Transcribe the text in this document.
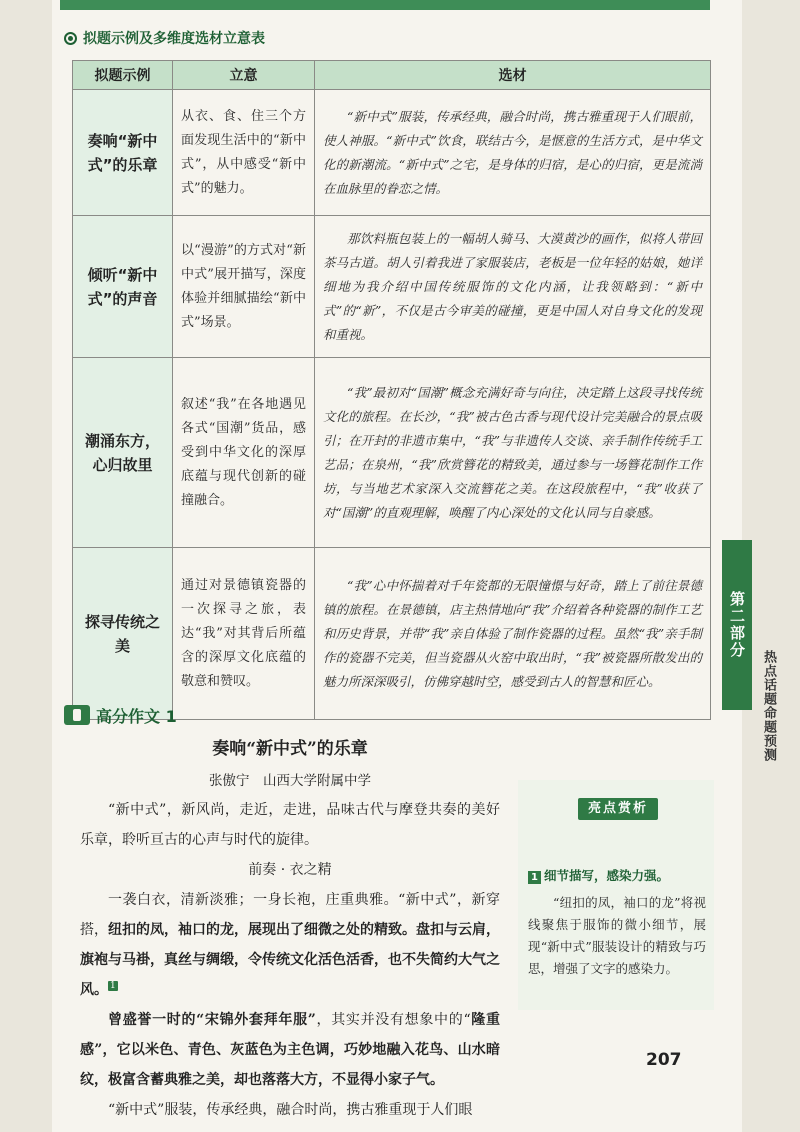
拟题示例及多维度选材立意表
拟题示例	立意	选材
奏响“新中式”的乐章	从衣、食、住三个方面发现生活中的“新中式”，从中感受“新中式”的魅力。	“新中式”服装，传承经典，融合时尚，携古雅重现于人们眼前，使人神服。“新中式”饮食，联结古今，是惬意的生活方式，是中华文化的新潮流。“新中式”之宅，是身体的归宿，是心的归宿，更是流淌在血脉里的眷恋之情。
倾听“新中式”的声音	以“漫游”的方式对“新中式”展开描写，深度体验并细腻描绘“新中式”场景。	那饮料瓶包装上的一幅胡人骑马、大漠黄沙的画作，似将人带回茶马古道。胡人引着我进了家服装店，老板是一位年轻的姑娘，她详细地为我介绍中国传统服饰的文化内涵，让我领略到：“新中式”的“新”，不仅是古今审美的碰撞，更是中国人对自身文化的发现和重视。
潮涌东方，心归故里	叙述“我”在各地遇见各式“国潮”货品，感受到中华文化的深厚底蕴与现代创新的碰撞融合。	“我”最初对“国潮”概念充满好奇与向往，决定踏上这段寻找传统文化的旅程。在长沙，“我”被古色古香与现代设计完美融合的景点吸引；在开封的非遗市集中，“我”与非遗传人交谈、亲手制作传统手工艺品；在泉州，“我”欣赏簪花的精致美，通过参与一场簪花制作工作坊，与当地艺术家深入交流簪花之美。在这段旅程中，“我”收获了对“国潮”的直观理解，唤醒了内心深处的文化认同与自豪感。
探寻传统之美	通过对景德镇瓷器的一次探寻之旅，表达“我”对其背后所蕴含的深厚文化底蕴的敬意和赞叹。	“我”心中怀揣着对千年瓷都的无限憧憬与好奇，踏上了前往景德镇的旅程。在景德镇，店主热情地向“我”介绍着各种瓷器的制作工艺和历史背景，并带“我”亲自体验了制作瓷器的过程。虽然“我”亲手制作的瓷器不完美，但当瓷器从火窑中取出时，“我”被瓷器所散发出的魅力所深深吸引，仿佛穿越时空，感受到古人的智慧和匠心。
第二部分
热点话题命题预测
高分作文 1
奏响“新中式”的乐章
张傲宁　山西大学附属中学

“新中式”，新风尚，走近，走进，品味古代与摩登共奏的美好乐章，聆听亘古的心声与时代的旋律。

前奏 · 衣之精

一袭白衣，清新淡雅；一身长袍，庄重典雅。“新中式”，新穿搭，纽扣的凤，袖口的龙，展现出了细微之处的精致。盘扣与云肩，旗袍与马褂，真丝与绸缎，令传统文化活色活香，也不失简约大气之风。 1

曾盛誉一时的“宋锦外套拜年服”，其实并没有想象中的“隆重感”，它以米色、青色、灰蓝色为主色调，巧妙地融入花鸟、山水暗纹，极富含蓄典雅之美，却也落落大方，不显得小家子气。

“新中式”服装，传承经典，融合时尚，携古雅重现于人们眼

亮点赏析
1 细节描写，感染力强。
“纽扣的凤，袖口的龙”将视线聚焦于服饰的微小细节，展现“新中式”服装设计的精致与巧思，增强了文字的感染力。
207
